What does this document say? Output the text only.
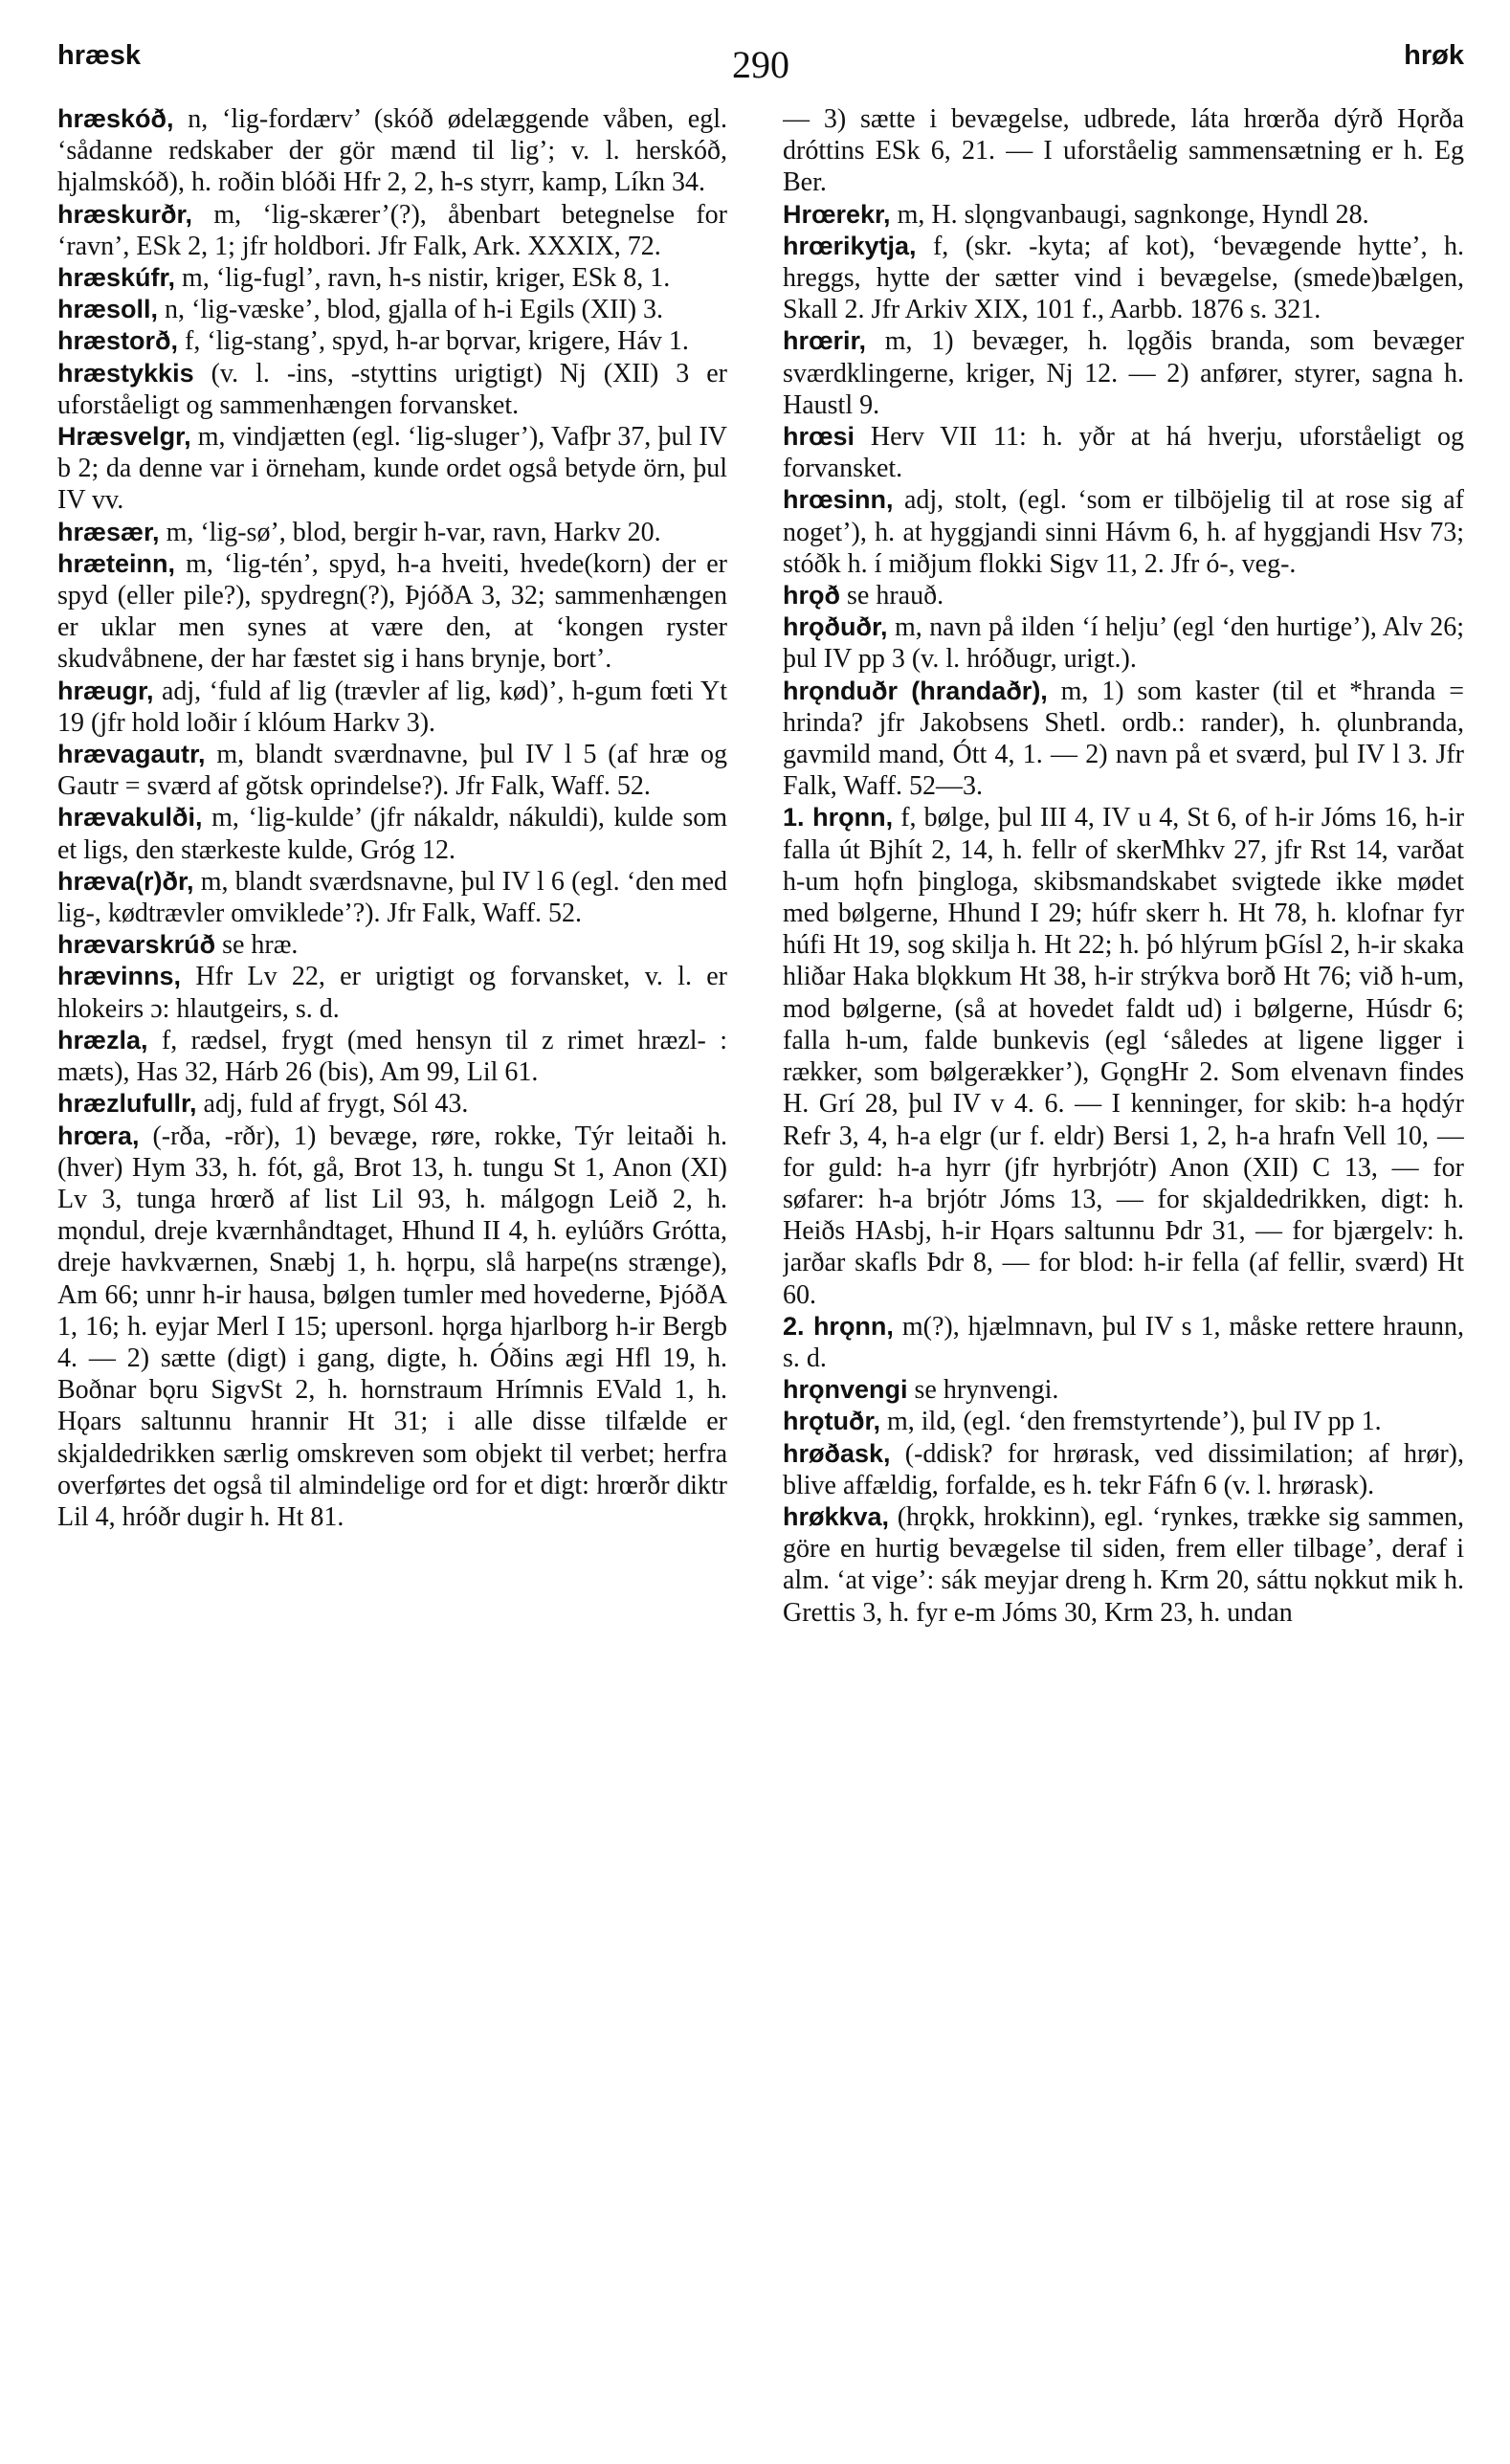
hræsk	290	hrøk

hræskóð, n, ‘lig-fordærv’ (skóð ødelæggende våben, egl. ‘sådanne redskaber der gör mænd til lig’; v. l. herskóð, hjalmskóð), h. roðin blóði Hfr 2, 2, h-s styrr, kamp, Líkn 34.

hræskurðr, m, ‘lig-skærer’(?), åbenbart betegnelse for ‘ravn’, ESk 2, 1; jfr holdbori. Jfr Falk, Ark. XXXIX, 72.

hræskúfr, m, ‘lig-fugl’, ravn, h-s nistir, kriger, ESk 8, 1.

hræsoll, n, ‘lig-væske’, blod, gjalla of h-i Egils (XII) 3.

hræstorð, f, ‘lig-stang’, spyd, h-ar bǫrvar, krigere, Háv 1.

hræstykkis (v. l. -ins, -styttins urigtigt) Nj (XII) 3 er uforståeligt og sammenhængen forvansket.

Hræsvelgr, m, vindjætten (egl. ‘lig-sluger’), Vafþr 37, þul IV b 2; da denne var i örneham, kunde ordet også betyde örn, þul IV vv.

hræsær, m, ‘lig-sø’, blod, bergir h-var, ravn, Harkv 20.

hræteinn, m, ‘lig-tén’, spyd, h-a hveiti, hvede(korn) der er spyd (eller pile?), spydregn(?), ÞjóðA 3, 32; sammenhængen er uklar men synes at være den, at ‘kongen ryster skudvåbnene, der har fæstet sig i hans brynje, bort’.

hræugr, adj, ‘fuld af lig (trævler af lig, kød)’, h-gum fœti Yt 19 (jfr hold loðir í klóum Harkv 3).

hrævagautr, m, blandt sværdnavne, þul IV l 5 (af hræ og Gautr = sværd af gŏtsk oprindelse?). Jfr Falk, Waff. 52.

hrævakulði, m, ‘lig-kulde’ (jfr nákaldr, nákuldi), kulde som et ligs, den stærkeste kulde, Gróg 12.

hræva(r)ðr, m, blandt sværdsnavne, þul IV l 6 (egl. ‘den med lig-, kødtrævler omviklede’?). Jfr Falk, Waff. 52.

hrævarskrúð se hræ.

hrævinns, Hfr Lv 22, er urigtigt og forvansket, v. l. er hlokeirs ɔ: hlautgeirs, s. d.

hræzla, f, rædsel, frygt (med hensyn til z rimet hræzl- : mæts), Has 32, Hárb 26 (bis), Am 99, Lil 61.

hræzlufullr, adj, fuld af frygt, Sól 43.

hrœra, (-rða, -rðr), 1) bevæge, røre, rokke, Týr leitaði h. (hver) Hym 33, h. fót, gå, Brot 13, h. tungu St 1, Anon (XI) Lv 3, tunga hrœrð af list Lil 93, h. málgogn Leið 2, h. mǫndul, dreje kværnhåndtaget, Hhund II 4, h. eylúðrs Grótta, dreje havkværnen, Snæbj 1, h. hǫrpu, slå harpe(ns strænge), Am 66; unnr h-ir hausa, bølgen tumler med hovederne, ÞjóðA 1, 16; h. eyjar Merl I 15; upersonl. hǫrga hjarlborg h-ir Bergb 4. — 2) sætte (digt) i gang, digte, h. Óðins ægi Hfl 19, h. Boðnar bǫru SigvSt 2, h. hornstraum Hrímnis EVald 1, h. Hǫars saltunnu hrannir Ht 31; i alle disse tilfælde er skjaldedrikken særlig omskreven som objekt til verbet; herfra overførtes det også til almindelige ord for et digt: hrœrðr diktr Lil 4, hróðr dugir h. Ht 81.

— 3) sætte i bevægelse, udbrede, láta hrœrða dýrð Hǫrða dróttins ESk 6, 21. — I uforståelig sammensætning er h. Eg Ber.

Hrœrekr, m, H. slǫngvanbaugi, sagnkonge, Hyndl 28.

hrœrikytja, f, (skr. -kyta; af kot), ‘bevægende hytte’, h. hreggs, hytte der sætter vind i bevægelse, (smede)bælgen, Skall 2. Jfr Arkiv XIX, 101 f., Aarbb. 1876 s. 321.

hrœrir, m, 1) bevæger, h. lǫgðis branda, som bevæger sværdklingerne, kriger, Nj 12. — 2) anfører, styrer, sagna h. Haustl 9.

hrœsi Herv VII 11: h. yðr at há hverju, uforståeligt og forvansket.

hrœsinn, adj, stolt, (egl. ‘som er tilböjelig til at rose sig af noget’), h. at hyggjandi sinni Hávm 6, h. af hyggjandi Hsv 73; stóðk h. í miðjum flokki Sigv 11, 2. Jfr ó-, veg-.

hrǫð se hrauð.

hrǫðuðr, m, navn på ilden ‘í helju’ (egl ‘den hurtige’), Alv 26; þul IV pp 3 (v. l. hróðugr, urigt.).

hrǫnduðr (hrandaðr), m, 1) som kaster (til et *hranda = hrinda? jfr Jakobsens Shetl. ordb.: rander), h. ǫlunbranda, gavmild mand, Ótt 4, 1. — 2) navn på et sværd, þul IV l 3. Jfr Falk, Waff. 52—3.

1. hrǫnn, f, bølge, þul III 4, IV u 4, St 6, of h-ir Jóms 16, h-ir falla út Bjhít 2, 14, h. fellr of skerMhkv 27, jfr Rst 14, varðat h-um hǫfn þingloga, skibsmandskabet svigtede ikke mødet med bølgerne, Hhund I 29; húfr skerr h. Ht 78, h. klofnar fyr húfi Ht 19, sog skilja h. Ht 22; h. þó hlýrum þGísl 2, h-ir skaka hliðar Haka blǫkkum Ht 38, h-ir strýkva borð Ht 76; við h-um, mod bølgerne, (så at hovedet faldt ud) i bølgerne, Húsdr 6; falla h-um, falde bunkevis (egl ‘således at ligene ligger i rækker, som bølgerækker’), GǫngHr 2. Som elvenavn findes H. Grí 28, þul IV v 4. 6. — I kenninger, for skib: h-a hǫdýr Refr 3, 4, h-a elgr (ur f. eldr) Bersi 1, 2, h-a hrafn Vell 10, — for guld: h-a hyrr (jfr hyrbrjótr) Anon (XII) C 13, — for søfarer: h-a brjótr Jóms 13, — for skjaldedrikken, digt: h. Heiðs HAsbj, h-ir Hǫars saltunnu Þdr 31, — for bjærgelv: h. jarðar skafls Þdr 8, — for blod: h-ir fella (af fellir, sværd) Ht 60.

2. hrǫnn, m(?), hjælmnavn, þul IV s 1, måske rettere hraunn, s. d.

hrǫnvengi se hrynvengi.

hrǫtuðr, m, ild, (egl. ‘den fremstyrtende’), þul IV pp 1.

hrøðask, (-ddisk? for hrørask, ved dissimilation; af hrør), blive affældig, forfalde, es h. tekr Fáfn 6 (v. l. hrørask).

hrøkkva, (hrǫkk, hrokkinn), egl. ‘rynkes, trække sig sammen, göre en hurtig bevægelse til siden, frem eller tilbage’, deraf i alm. ‘at vige’: sák meyjar dreng h. Krm 20, sáttu nǫkkut mik h. Grettis 3, h. fyr e-m Jóms 30, Krm 23, h. undan
